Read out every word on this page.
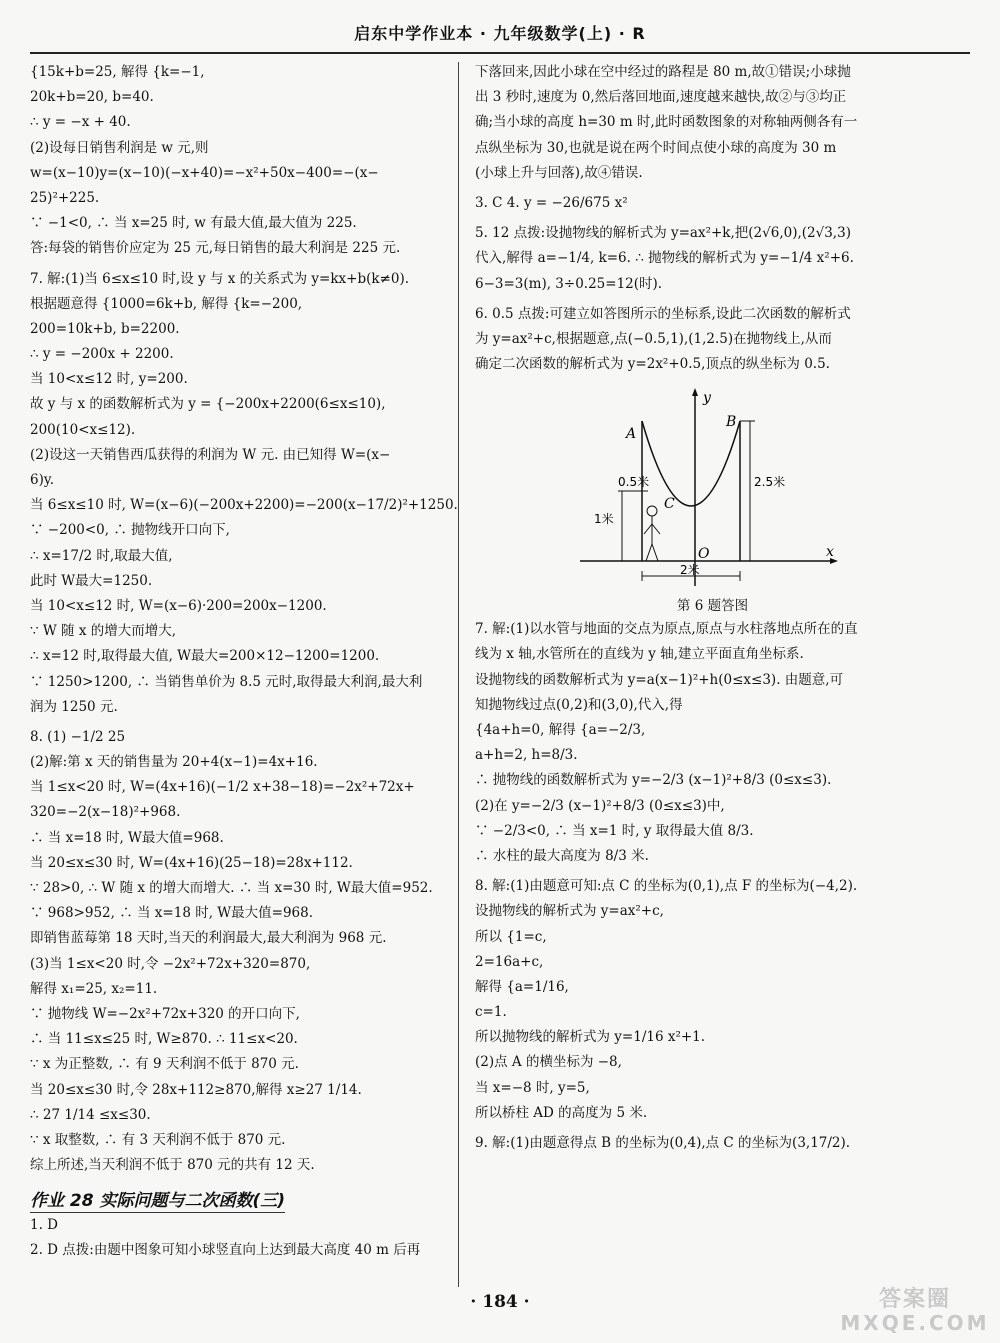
启东中学作业本 · 九年级数学(上) · R

{15k+b=25, 解得 {k=−1,

20k+b=20, b=40.

∴ y = −x + 40.

(2)设每日销售利润是 w 元,则

w=(x−10)y=(x−10)(−x+40)=−x²+50x−400=−(x−

25)²+225.

∵ −1<0, ∴ 当 x=25 时, w 有最大值,最大值为 225.

答:每袋的销售价应定为 25 元,每日销售的最大利润是 225 元.

7. 解:(1)当 6≤x≤10 时,设 y 与 x 的关系式为 y=kx+b(k≠0).

根据题意得 {1000=6k+b, 解得 {k=−200,

200=10k+b, b=2200.

∴ y = −200x + 2200.

当 10<x≤12 时, y=200.

故 y 与 x 的函数解析式为 y = {−200x+2200(6≤x≤10),

200(10<x≤12).

(2)设这一天销售西瓜获得的利润为 W 元. 由已知得 W=(x−

6)y.

当 6≤x≤10 时, W=(x−6)(−200x+2200)=−200(x−17/2)²+1250.

∵ −200<0, ∴ 抛物线开口向下,

∴ x=17/2 时,取最大值,

此时 W最大=1250.

当 10<x≤12 时, W=(x−6)·200=200x−1200.

∵ W 随 x 的增大而增大,

∴ x=12 时,取得最大值, W最大=200×12−1200=1200.

∵ 1250>1200, ∴ 当销售单价为 8.5 元时,取得最大利润,最大利

润为 1250 元.

8. (1) −1/2 25

(2)解:第 x 天的销售量为 20+4(x−1)=4x+16.

当 1≤x<20 时, W=(4x+16)(−1/2 x+38−18)=−2x²+72x+

320=−2(x−18)²+968.

∴ 当 x=18 时, W最大值=968.

当 20≤x≤30 时, W=(4x+16)(25−18)=28x+112.

∵ 28>0, ∴ W 随 x 的增大而增大. ∴ 当 x=30 时, W最大值=952.

∵ 968>952, ∴ 当 x=18 时, W最大值=968.

即销售蓝莓第 18 天时,当天的利润最大,最大利润为 968 元.

(3)当 1≤x<20 时,令 −2x²+72x+320=870,

解得 x₁=25, x₂=11.

∵ 抛物线 W=−2x²+72x+320 的开口向下,

∴ 当 11≤x≤25 时, W≥870. ∴ 11≤x<20.

∵ x 为正整数, ∴ 有 9 天利润不低于 870 元.

当 20≤x≤30 时,令 28x+112≥870,解得 x≥27 1/14.

∴ 27 1/14 ≤x≤30.

∵ x 取整数, ∴ 有 3 天利润不低于 870 元.

综上所述,当天利润不低于 870 元的共有 12 天.

作业 28 实际问题与二次函数(三)

1. D

2. D 点拨:由题中图象可知小球竖直向上达到最大高度 40 m 后再

下落回来,因此小球在空中经过的路程是 80 m,故①错误;小球抛

出 3 秒时,速度为 0,然后落回地面,速度越来越快,故②与③均正

确;当小球的高度 h=30 m 时,此时函数图象的对称轴两侧各有一

点纵坐标为 30,也就是说在两个时间点使小球的高度为 30 m

(小球上升与回落),故④错误.

3. C 4. y = −26/675 x²

5. 12 点拨:设抛物线的解析式为 y=ax²+k,把(2√6,0),(2√3,3)

代入,解得 a=−1/4, k=6. ∴ 抛物线的解析式为 y=−1/4 x²+6.

6−3=3(m), 3÷0.25=12(时).

6. 0.5 点拨:可建立如答图所示的坐标系,设此二次函数的解析式

为 y=ax²+c,根据题意,点(−0.5,1),(1,2.5)在抛物线上,从而

确定二次函数的解析式为 y=2x²+0.5,顶点的纵坐标为 0.5.

y
x
A
B
C
O
0.5米
1米
2.5米
2米
第 6 题答图

7. 解:(1)以水管与地面的交点为原点,原点与水柱落地点所在的直

线为 x 轴,水管所在的直线为 y 轴,建立平面直角坐标系.

设抛物线的函数解析式为 y=a(x−1)²+h(0≤x≤3). 由题意,可

知抛物线过点(0,2)和(3,0),代入,得

{4a+h=0, 解得 {a=−2/3,

a+h=2, h=8/3.

∴ 抛物线的函数解析式为 y=−2/3 (x−1)²+8/3 (0≤x≤3).

(2)在 y=−2/3 (x−1)²+8/3 (0≤x≤3)中,

∵ −2/3<0, ∴ 当 x=1 时, y 取得最大值 8/3.

∴ 水柱的最大高度为 8/3 米.

8. 解:(1)由题意可知:点 C 的坐标为(0,1),点 F 的坐标为(−4,2).

设抛物线的解析式为 y=ax²+c,

所以 {1=c,

2=16a+c,

解得 {a=1/16,

c=1.

所以抛物线的解析式为 y=1/16 x²+1.

(2)点 A 的横坐标为 −8,

当 x=−8 时, y=5,

所以桥柱 AD 的高度为 5 米.

9. 解:(1)由题意得点 B 的坐标为(0,4),点 C 的坐标为(3,17/2).

· 184 ·	答案圈
MXQE.COM
